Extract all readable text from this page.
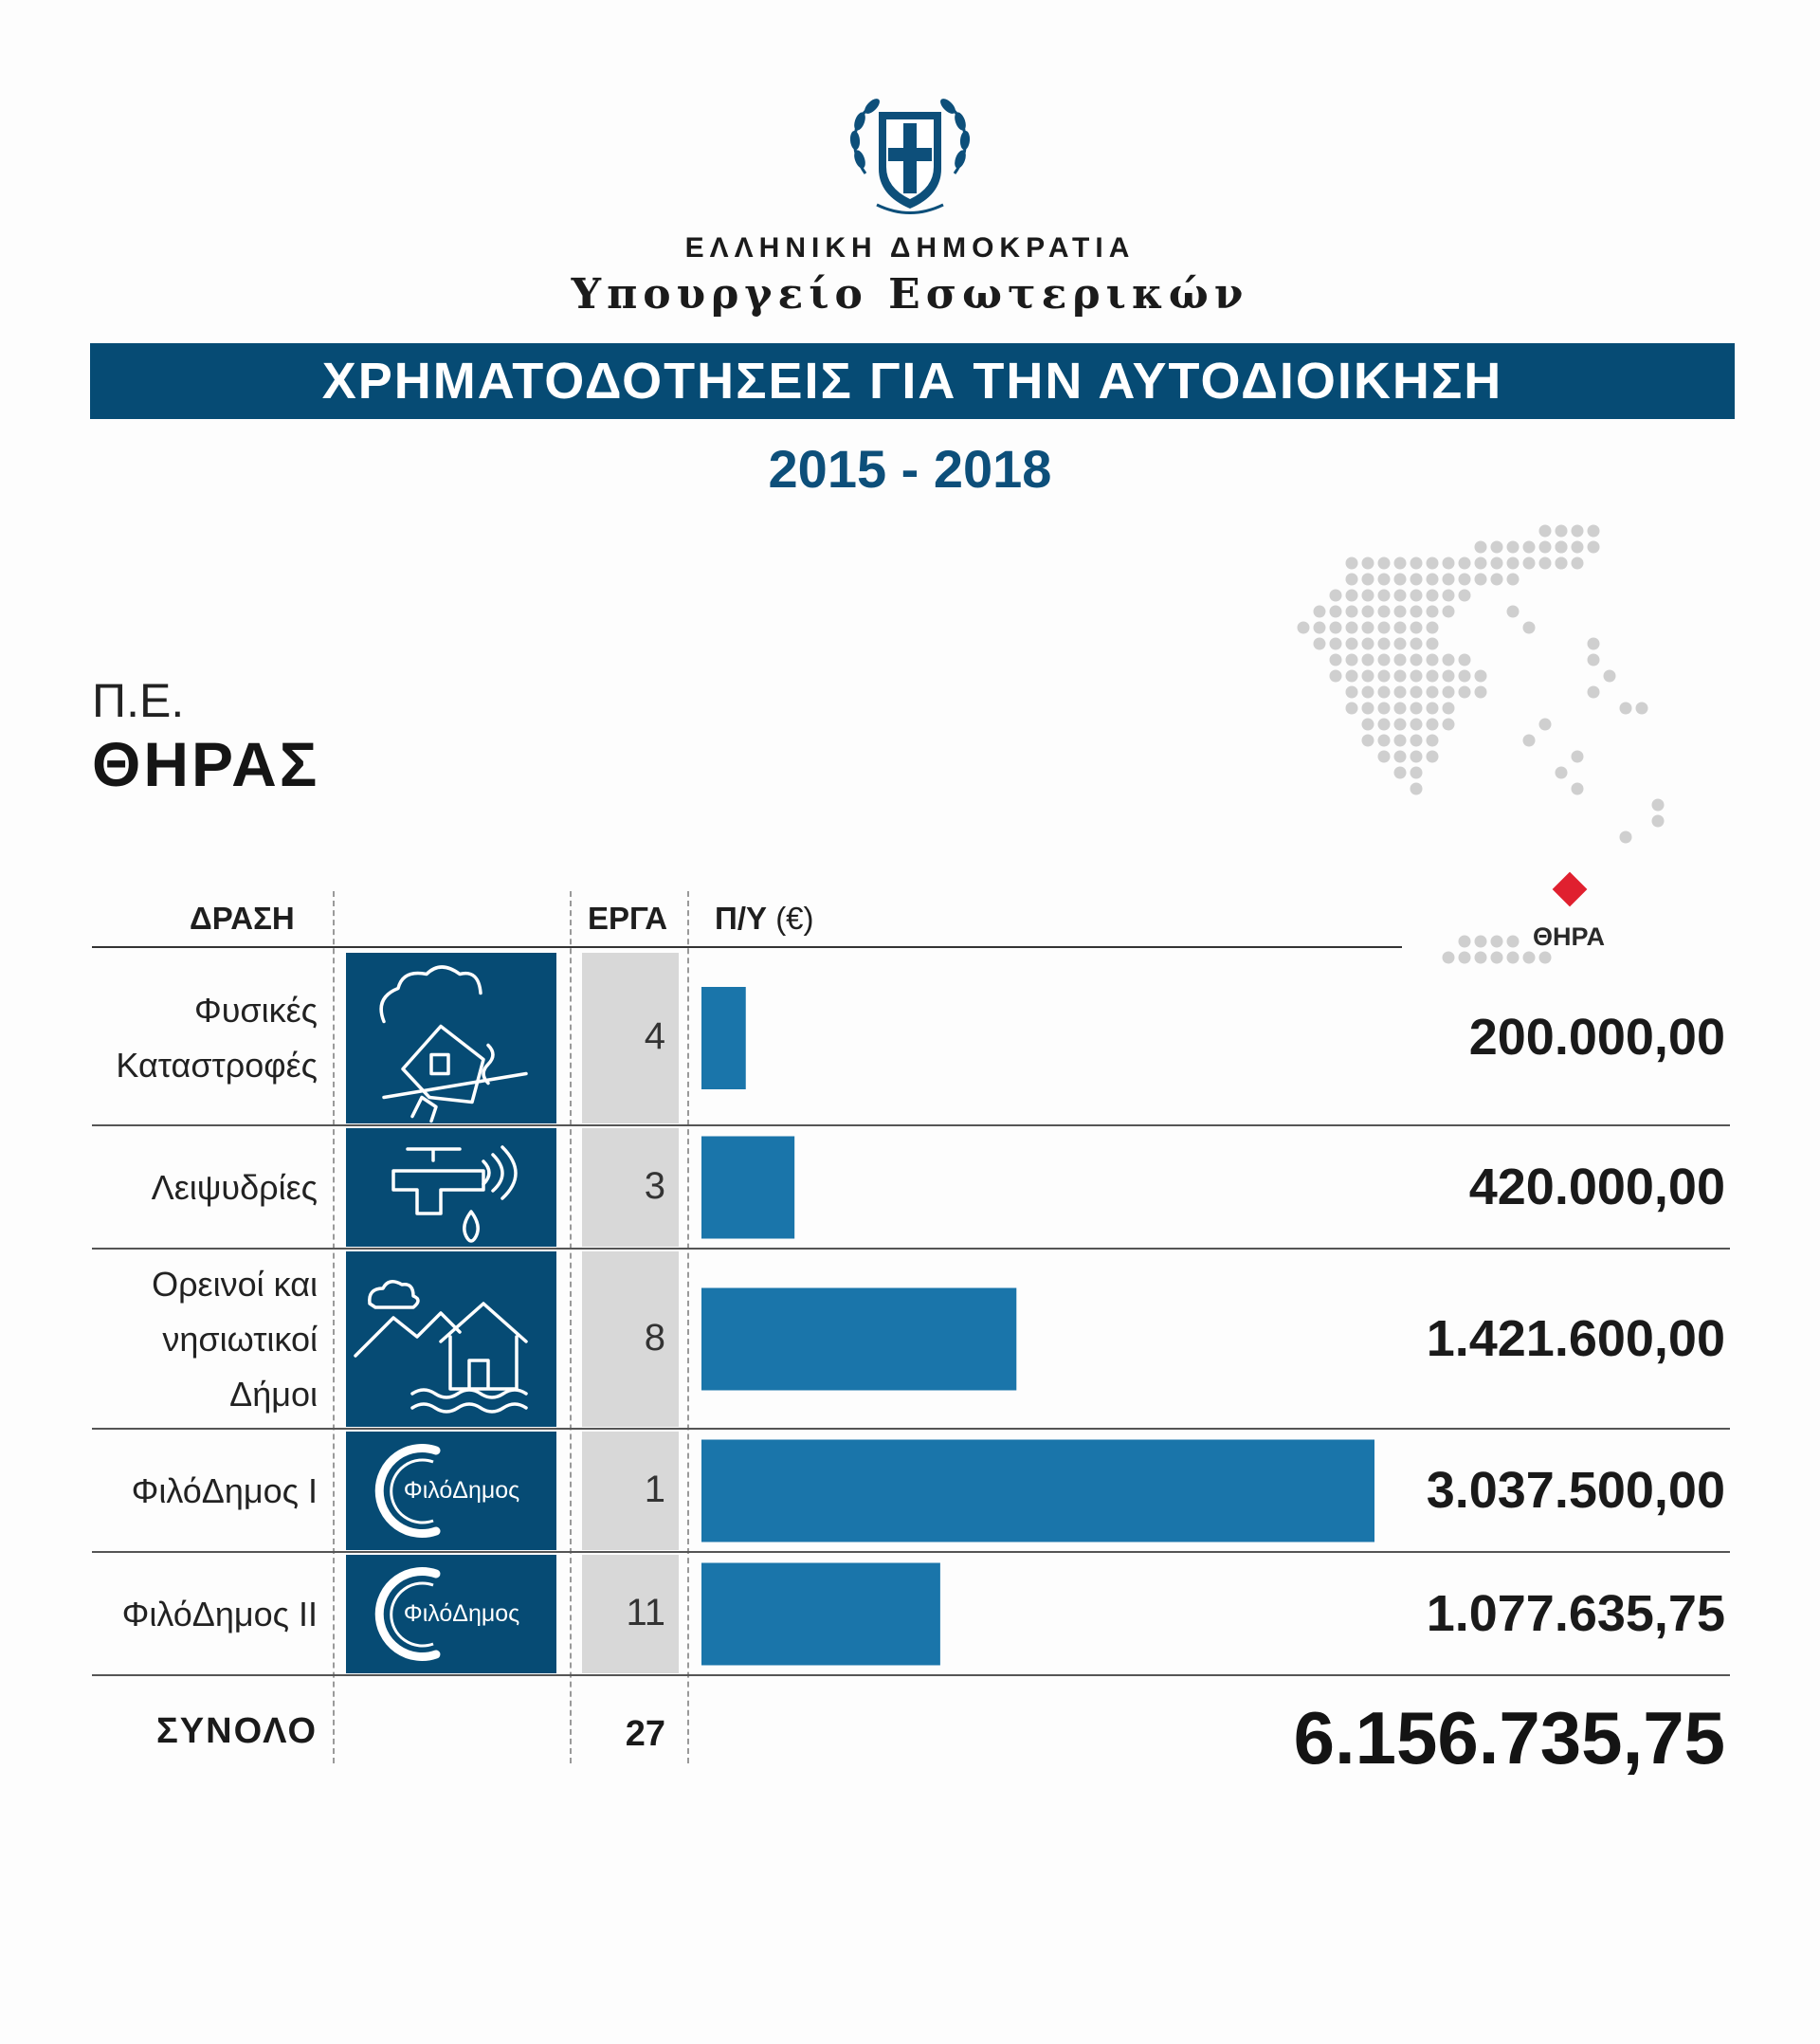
ΕΛΛΗΝΙΚΗ ΔΗΜΟΚΡΑΤΙΑ
Υπουργείο Εσωτερικών
ΧΡΗΜΑΤΟΔΟΤΗΣΕΙΣ ΓΙΑ ΤΗΝ ΑΥΤΟΔΙΟΙΚΗΣΗ
2015 - 2018
Π.Ε.
ΘΗΡΑΣ
ΘΗΡΑ
ΔΡΑΣΗ	ΕΡΓΑ Π/Υ (€)
Φυσικές
Καταστροφές
4	200.000,00
Λειψυδρίες	3	420.000,00
Ορεινοί και
νησιωτικοί
Δήμοι
8	1.421.600,00
ΦιλόΔημος Ι	ΦιλόΔημος	1	3.037.500,00
ΦιλόΔημος ΙΙ	ΦιλόΔημος	11	1.077.635,75
ΣΥΝΟΛΟ	27	6.156.735,75
